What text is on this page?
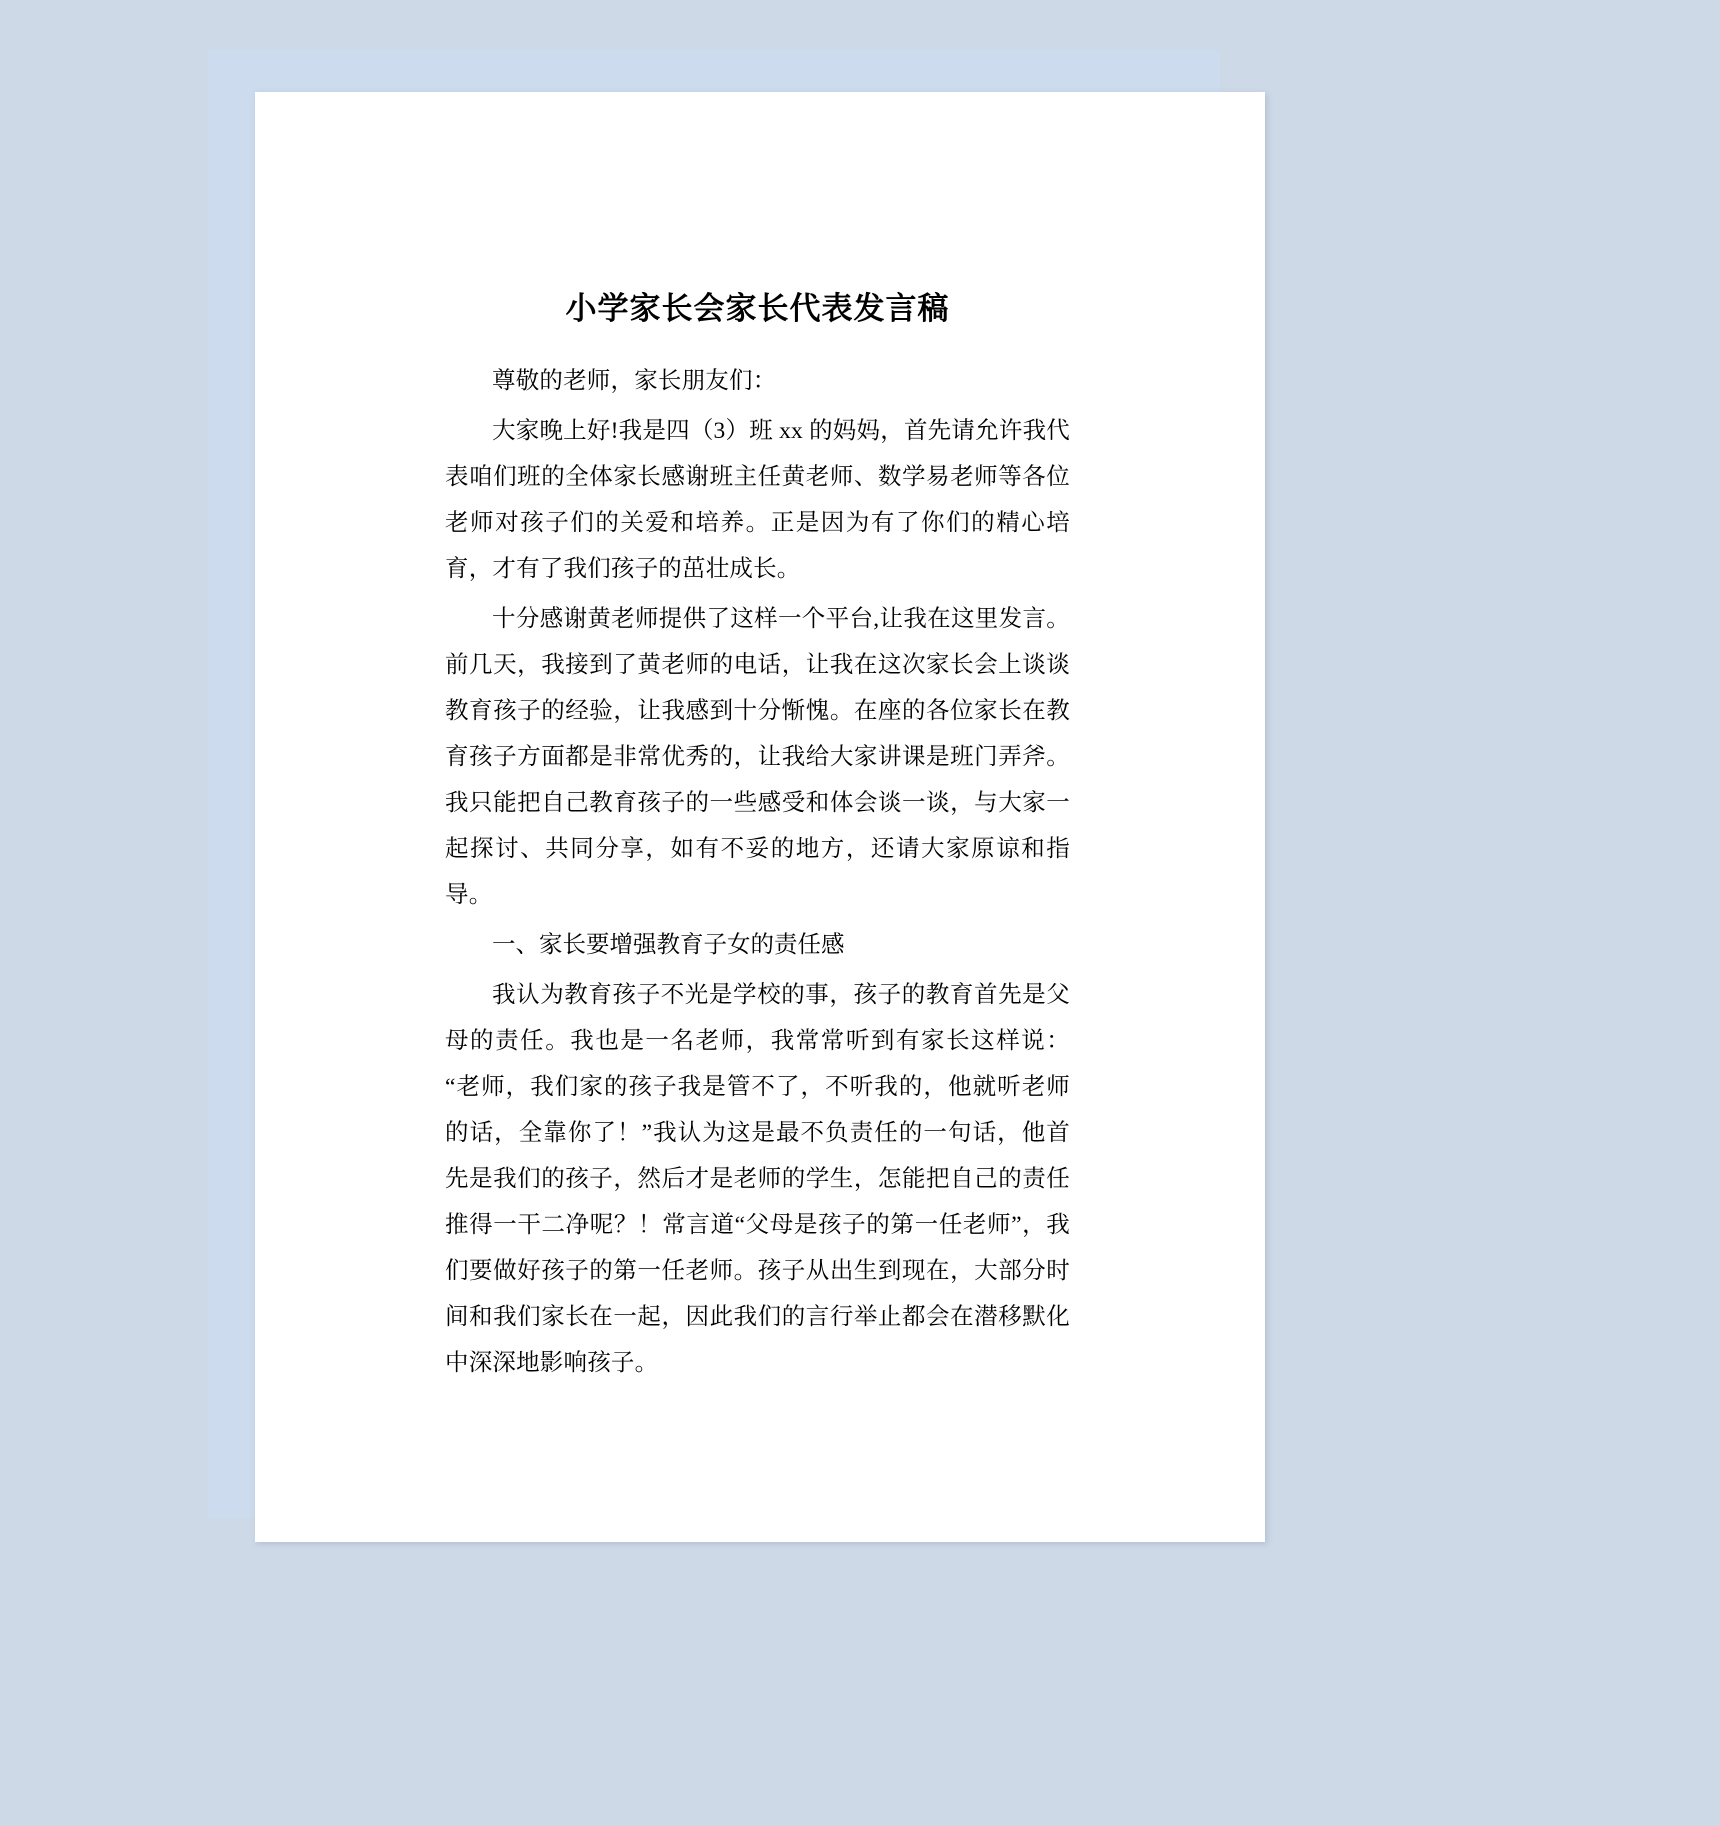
小学家长会家长代表发言稿

尊敬的老师，家长朋友们：

大家晚上好!我是四（3）班 xx 的妈妈，首先请允许我代表咱们班的全体家长感谢班主任黄老师、数学易老师等各位老师对孩子们的关爱和培养。正是因为有了你们的精心培育，才有了我们孩子的茁壮成长。

十分感谢黄老师提供了这样一个平台,让我在这里发言。前几天，我接到了黄老师的电话，让我在这次家长会上谈谈教育孩子的经验，让我感到十分惭愧。在座的各位家长在教育孩子方面都是非常优秀的，让我给大家讲课是班门弄斧。我只能把自己教育孩子的一些感受和体会谈一谈，与大家一起探讨、共同分享，如有不妥的地方，还请大家原谅和指导。

一、家长要增强教育子女的责任感

我认为教育孩子不光是学校的事，孩子的教育首先是父母的责任。我也是一名老师，我常常听到有家长这样说：“老师，我们家的孩子我是管不了，不听我的，他就听老师的话，全靠你了！”我认为这是最不负责任的一句话，他首先是我们的孩子，然后才是老师的学生，怎能把自己的责任推得一干二净呢？！常言道“父母是孩子的第一任老师”，我们要做好孩子的第一任老师。孩子从出生到现在，大部分时间和我们家长在一起，因此我们的言行举止都会在潜移默化中深深地影响孩子。
